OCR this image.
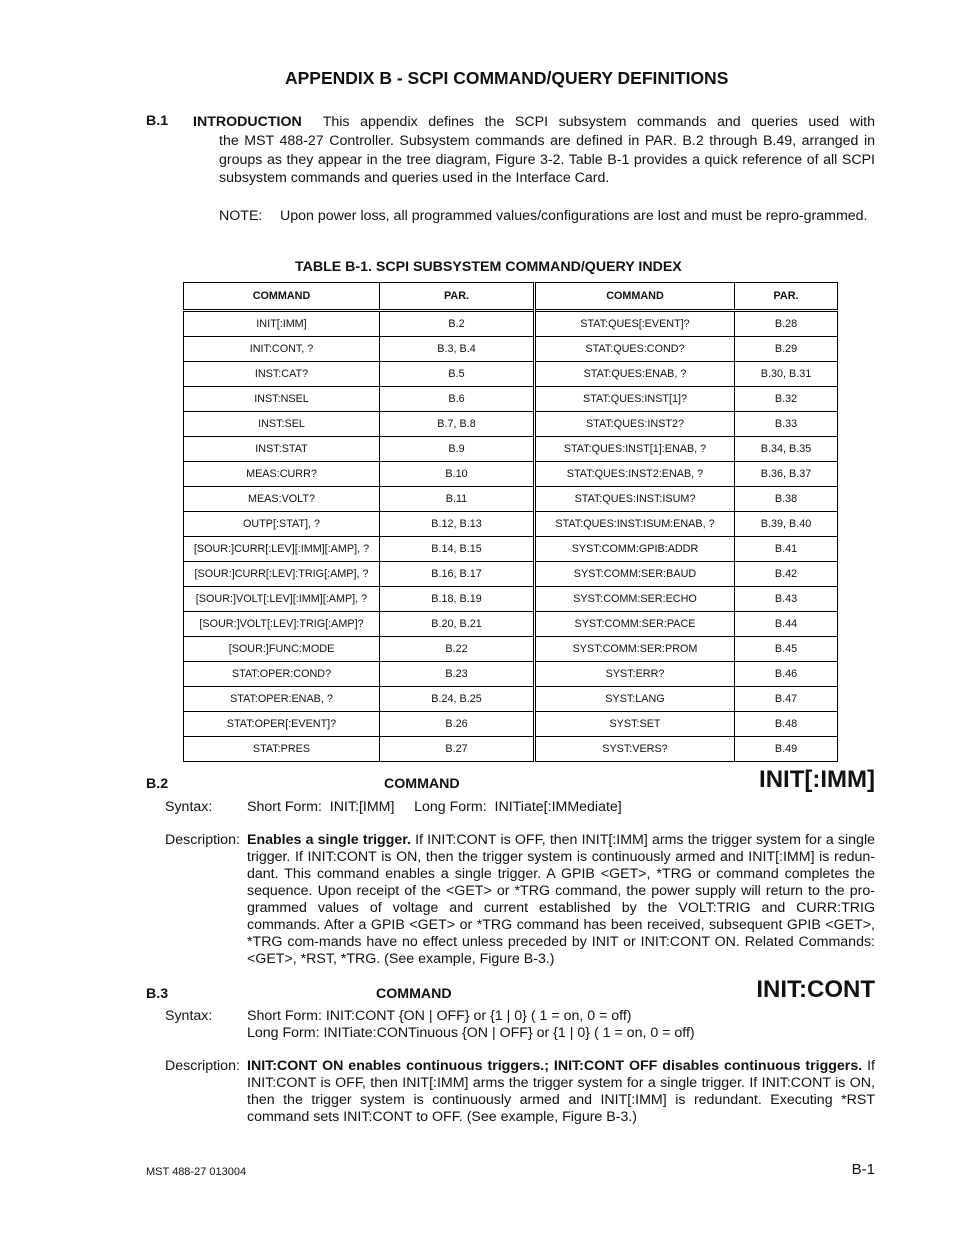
APPENDIX B - SCPI COMMAND/QUERY DEFINITIONS
B.1 INTRODUCTION This appendix defines the SCPI subsystem commands and queries used with
the MST 488-27 Controller. Subsystem commands are defined in PAR. B.2 through B.49, arranged in groups as they appear in the tree diagram, Figure 3-2. Table B-1 provides a quick reference of all SCPI subsystem commands and queries used in the Interface Card.
NOTE: Upon power loss, all programmed values/configurations are lost and must be repro-grammed.
TABLE B-1. SCPI SUBSYSTEM COMMAND/QUERY INDEX
COMMAND	PAR.	COMMAND	PAR.
INIT[:IMM]	B.2	STAT:QUES[:EVENT]?	B.28
INIT:CONT, ?	B.3, B.4	STAT:QUES:COND?	B.29
INST:CAT?	B.5	STAT:QUES:ENAB, ?	B.30, B.31
INST:NSEL	B.6	STAT:QUES:INST[1]?	B.32
INST:SEL	B.7, B.8	STAT:QUES:INST2?	B.33
INST:STAT	B.9	STAT:QUES:INST[1]:ENAB, ?	B.34, B.35
MEAS:CURR?	B.10	STAT:QUES:INST2:ENAB, ?	B.36, B.37
MEAS:VOLT?	B.11	STAT:QUES:INST:ISUM?	B.38
OUTP[:STAT], ?	B.12, B.13	STAT:QUES:INST:ISUM:ENAB, ?	B.39, B.40
[SOUR:]CURR[:LEV][:IMM][:AMP], ?	B.14, B.15	SYST:COMM:GPIB:ADDR	B.41
[SOUR:]CURR[:LEV]:TRIG[:AMP], ?	B.16, B.17	SYST:COMM:SER:BAUD	B.42
[SOUR:]VOLT[:LEV][:IMM][:AMP], ?	B.18, B.19	SYST:COMM:SER:ECHO	B.43
[SOUR:]VOLT[:LEV]:TRIG[:AMP]?	B.20, B.21	SYST:COMM:SER:PACE	B.44
[SOUR:]FUNC:MODE	B.22	SYST:COMM:SER:PROM	B.45
STAT:OPER:COND?	B.23	SYST:ERR?	B.46
STAT:OPER:ENAB, ?	B.24, B.25	SYST:LANG	B.47
STAT:OPER[:EVENT]?	B.26	SYST:SET	B.48
STAT:PRES	B.27	SYST:VERS?	B.49
B.2	COMMAND	INIT[:IMM]
Syntax: Short Form:  INIT:[IMM]     Long Form:  INITiate[:IMMediate]
Description: Enables a single trigger. If INIT:CONT is OFF, then INIT[:IMM] arms the trigger system for a single trigger. If INIT:CONT is ON, then the trigger system is continuously armed and INIT[:IMM] is redun-dant. This command enables a single trigger. A GPIB <GET>, *TRG or command completes the sequence. Upon receipt of the <GET> or *TRG command, the power supply will return to the pro-grammed values of voltage and current established by the VOLT:TRIG and CURR:TRIG commands. After a GPIB <GET> or *TRG command has been received, subsequent GPIB <GET>, *TRG com-mands have no effect unless preceded by INIT or INIT:CONT ON. Related Commands: <GET>, *RST, *TRG. (See example, Figure B-3.)
B.3	COMMAND	INIT:CONT
Syntax: Short Form: INIT:CONT {ON | OFF} or {1 | 0} ( 1 = on, 0 = off)
Long Form: INITiate:CONTinuous {ON | OFF} or {1 | 0} ( 1 = on, 0 = off)
Description: INIT:CONT ON enables continuous triggers.; INIT:CONT OFF disables continuous triggers. If INIT:CONT is OFF, then INIT[:IMM] arms the trigger system for a single trigger. If INIT:CONT is ON, then the trigger system is continuously armed and INIT[:IMM] is redundant. Executing *RST command sets INIT:CONT to OFF. (See example, Figure B-3.)
MST 488-27 013004	B-1
